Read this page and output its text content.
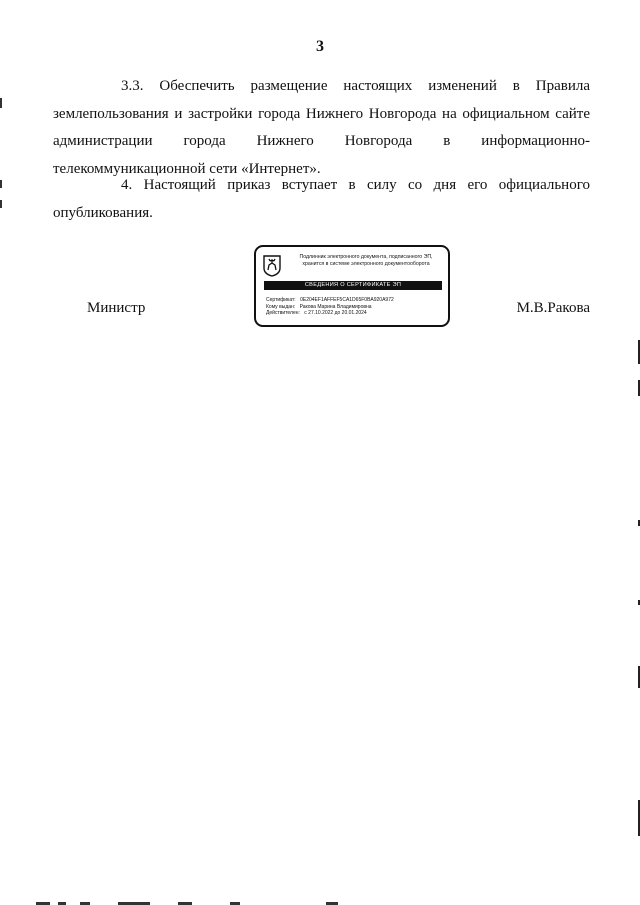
3
3.3. Обеспечить размещение настоящих изменений в Правила
землепользования и застройки города Нижнего Новгорода на официальном сайте
администрации города Нижнего Новгорода в информационно-
телекоммуникационной сети «Интернет».
4. Настоящий приказ вступает в силу со дня его официального
опубликования.
Министр	М.В.Ракова
Подлинник электронного документа, подписанного ЭП,
хранится в системе электронного документооборота
СВЕДЕНИЯ О СЕРТИФИКАТЕ ЭП
Сертификат: 0E204EF1AFFEF5CA1D65F0BA920A972
Кому выдан: Ракова Марина Владимировна
Действителен: с 27.10.2022 до 20.01.2024
